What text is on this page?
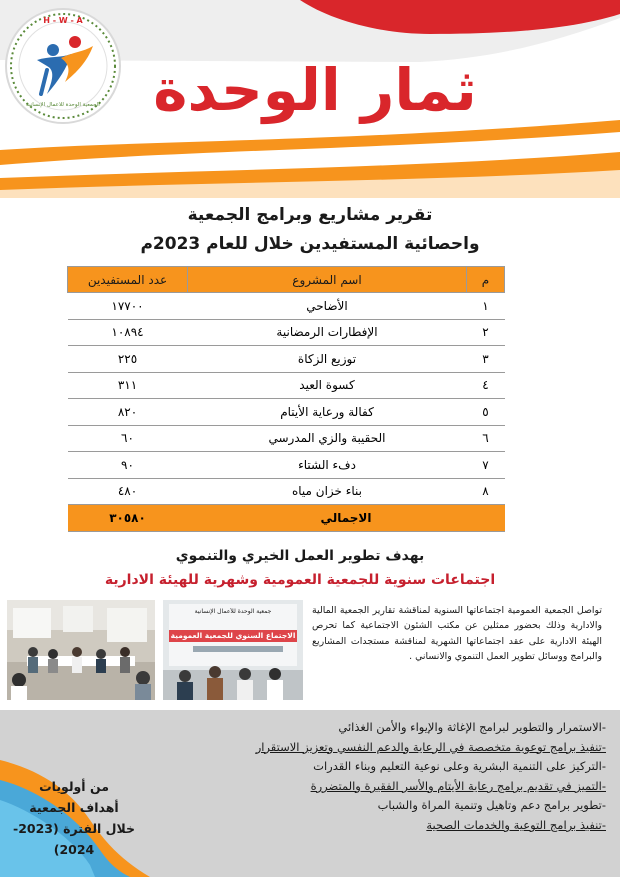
H - W - A
الجمعية الوحدة للأعمال الإنسانية ثمار الوحدة
تقرير مشاريع وبرامج الجمعية
واحصائية المستفيدين خلال للعام 2023م
م	اسم المشروع	عدد المستفيدين
١	الأضاحي	١٧٧٠٠
٢	الإفطارات الرمضانية	١٠٨٩٤
٣	توزيع الزكاة	٢٢٥
٤	كسوة العيد	٣١١
٥	كفالة ورعاية الأيتام	٨٢٠
٦	الحقيبة والزي المدرسي	٦٠
٧	دفء الشتاء	٩٠
٨	بناء خزان مياه	٤٨٠
الاجمالي		٣٠٥٨٠
بهدف تطوير العمل الخيري والتنموي
اجتماعات سنوية للجمعية العمومية وشهرية للهيئة الادارية
جمعية الوحدة للأعمال الإنسانية
الاجتماع السنوي للجمعية العمومية
تواصل الجمعية العمومية اجتماعاتها السنوية لمناقشة تقارير الجمعية المالية والادارية وذلك بحضور ممثلين عن مكتب الشئون الاجتماعية كما تحرص الهيئة الادارية على عقد اجتماعاتها الشهرية لمناقشة مستجدات المشاريع والبرامج ووسائل تطوير العمل التنموي والانساني .
-الاستمرار والتطوير لبرامج الإغاثة والإيواء والأمن الغذائي
-تنفيذ برامج توعوية متخصصة في الرعاية والدعم النفسي وتعزيز الاستقرار
-التركيز على التنمية البشرية وعلى نوعية التعليم وبناء القدرات
-التميز في تقديم برامج رعاية الأيتام والأسر الفقيرة والمتضررة
-تطوير برامج دعم وتاهيل وتنمية المراة والشباب
-تنفيذ برامج التوعية والخدمات الصحية
من أولويات
أهداف الجمعية
خلال الفترة (2023-2024)
